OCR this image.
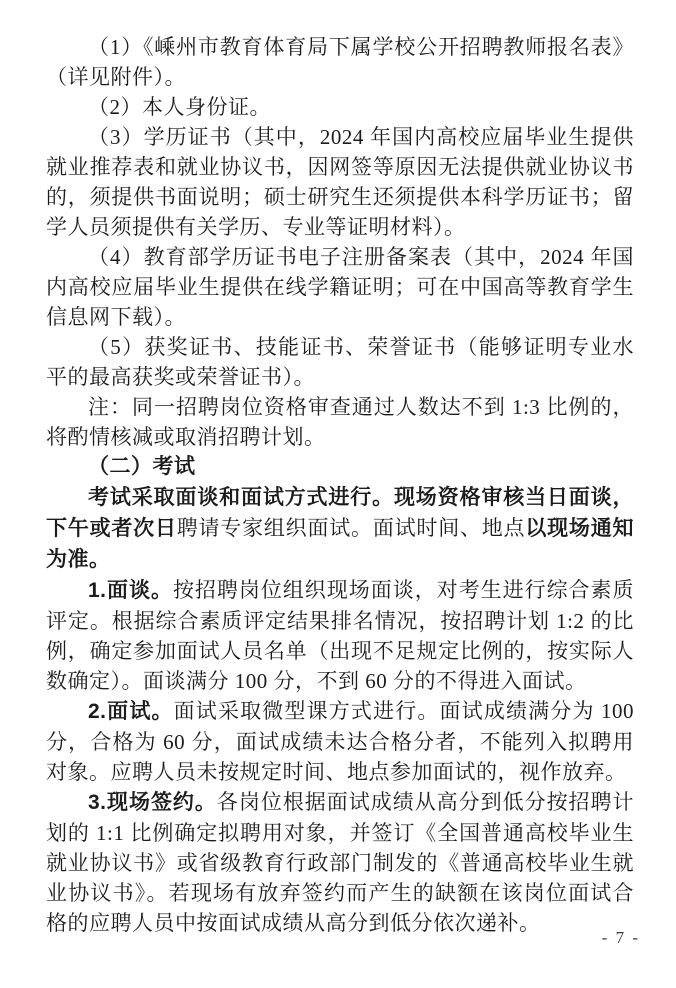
（1）《嵊州市教育体育局下属学校公开招聘教师报名表》（详见附件）。

（2）本人身份证。

（3）学历证书（其中，2024 年国内高校应届毕业生提供就业推荐表和就业协议书，因网签等原因无法提供就业协议书的，须提供书面说明；硕士研究生还须提供本科学历证书；留学人员须提供有关学历、专业等证明材料）。

（4）教育部学历证书电子注册备案表（其中，2024 年国内高校应届毕业生提供在线学籍证明；可在中国高等教育学生信息网下载）。

（5）获奖证书、技能证书、荣誉证书（能够证明专业水平的最高获奖或荣誉证书）。

注：同一招聘岗位资格审查通过人数达不到 1:3 比例的，将酌情核减或取消招聘计划。

（二）考试

考试采取面谈和面试方式进行。现场资格审核当日面谈，下午或者次日聘请专家组织面试。面试时间、地点以现场通知为准。

1.面谈。按招聘岗位组织现场面谈，对考生进行综合素质评定。根据综合素质评定结果排名情况，按招聘计划 1:2 的比例，确定参加面试人员名单（出现不足规定比例的，按实际人数确定）。面谈满分 100 分，不到 60 分的不得进入面试。

2.面试。面试采取微型课方式进行。面试成绩满分为 100 分，合格为 60 分，面试成绩未达合格分者，不能列入拟聘用对象。应聘人员未按规定时间、地点参加面试的，视作放弃。

3.现场签约。各岗位根据面试成绩从高分到低分按招聘计划的 1:1 比例确定拟聘用对象，并签订《全国普通高校毕业生就业协议书》或省级教育行政部门制发的《普通高校毕业生就业协议书》。若现场有放弃签约而产生的缺额在该岗位面试合格的应聘人员中按面试成绩从高分到低分依次递补。

- 7 -
